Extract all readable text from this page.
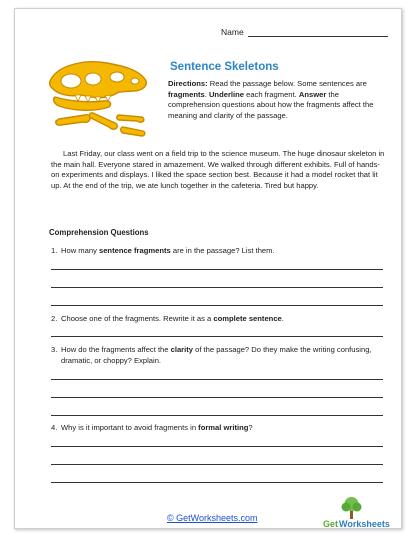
Name
Sentence Skeletons
Directions: Read the passage below. Some sentences are fragments. Underline each fragment. Answer the comprehension questions about how the fragments affect the meaning and clarity of the passage.

Last Friday, our class went on a field trip to the science museum. The huge dinosaur skeleton in the main hall. Everyone stared in amazement. We walked through different exhibits. Full of hands-on experiments and displays. I liked the space section best. Because it had a model rocket that lit up. At the end of the trip, we ate lunch together in the cafeteria. Tired but happy.

Comprehension Questions
1. How many sentence fragments are in the passage? List them.
2. Choose one of the fragments. Rewrite it as a complete sentence.
3. How do the fragments affect the clarity of the passage? Do they make the writing confusing, dramatic, or choppy? Explain.
4. Why is it important to avoid fragments in formal writing?
© GetWorksheets.com
Get Worksheets
